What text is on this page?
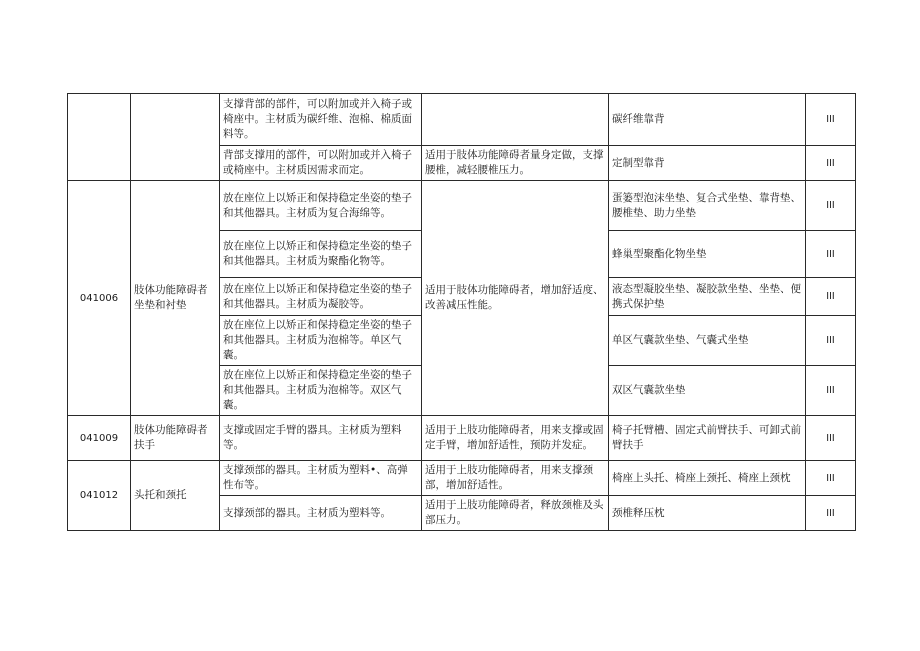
		支撑背部的部件，可以附加或并入椅子或椅座中。主材质为碳纤维、泡棉、棉质面料等。		碳纤维靠背	III
		背部支撑用的部件，可以附加或并入椅子或椅座中。主材质因需求而定。	适用于肢体功能障碍者量身定做，支撑腰椎，减轻腰椎压力。	定制型靠背	III
041006	肢体功能障碍者坐垫和衬垫	放在座位上以矫正和保持稳定坐姿的垫子和其他器具。主材质为复合海绵等。	适用于肢体功能障碍者，增加舒适度、改善减压性能。	蛋篓型泡沫坐垫、复合式坐垫、靠背垫、腰椎垫、助力坐垫	III
		放在座位上以矫正和保持稳定坐姿的垫子和其他器具。主材质为聚酯化物等。		蜂巢型聚酯化物坐垫	III
		放在座位上以矫正和保持稳定坐姿的垫子和其他器具。主材质为凝胶等。		液态型凝胶坐垫、凝胶款坐垫、坐垫、便携式保护垫	III
		放在座位上以矫正和保持稳定坐姿的垫子和其他器具。主材质为泡棉等。单区气囊。		单区气囊款坐垫、气囊式坐垫	III
		放在座位上以矫正和保持稳定坐姿的垫子和其他器具。主材质为泡棉等。双区气囊。		双区气囊款坐垫	III
041009	肢体功能障碍者扶手	支撑或固定手臂的器具。主材质为塑料等。	适用于上肢功能障碍者，用来支撑或固定手臂，增加舒适性，预防并发症。	椅子托臂槽、固定式前臂扶手、可卸式前臂扶手	III
041012	头托和颈托	支撑颈部的器具。主材质为塑料•、高弹性布等。	适用于上肢功能障碍者，用来支撑颈部，增加舒适性。	椅座上头托、椅座上颈托、椅座上颈枕	III
		支撑颈部的器具。主材质为塑料等。	适用于上肢功能障碍者，释放颈椎及头部压力。	颈椎释压枕	III
